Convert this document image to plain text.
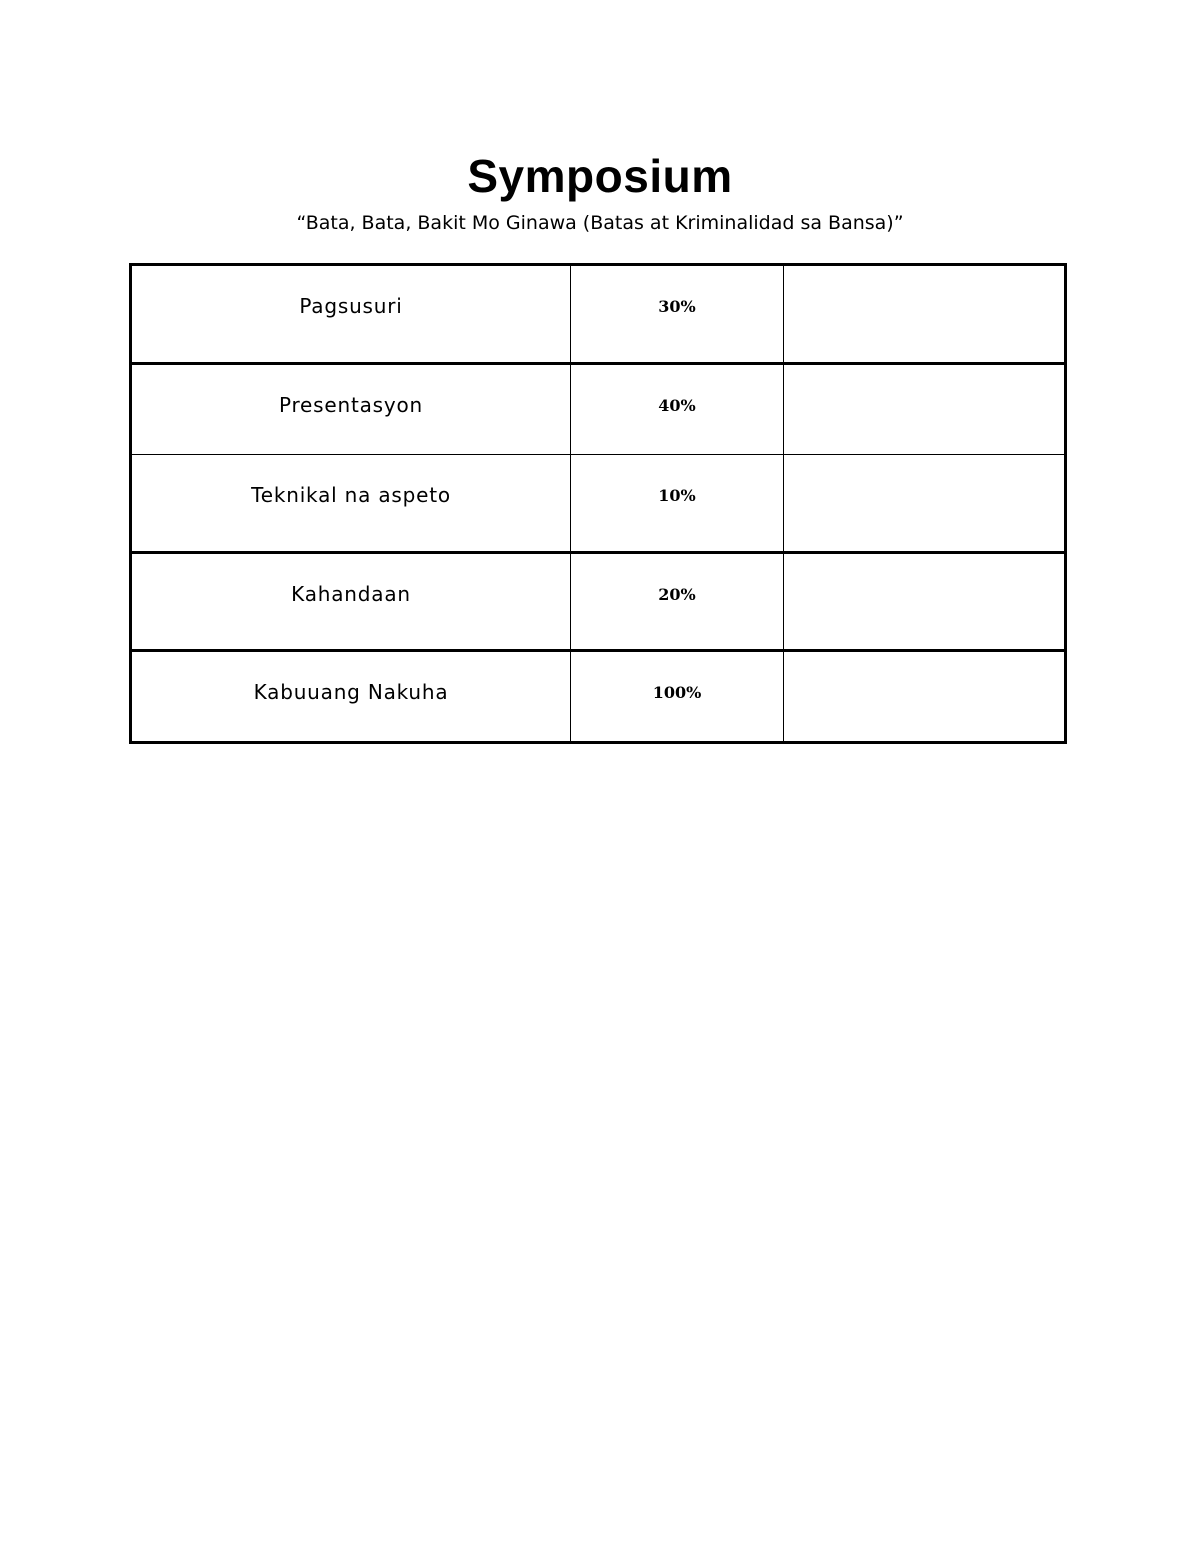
Symposium
“Bata, Bata, Bakit Mo Ginawa (Batas at Kriminalidad sa Bansa)”
Pagsusuri	30%	

Presentasyon	40%	

Teknikal na aspeto	10%	

Kahandaan	20%	

Kabuuang Nakuha	100%	
